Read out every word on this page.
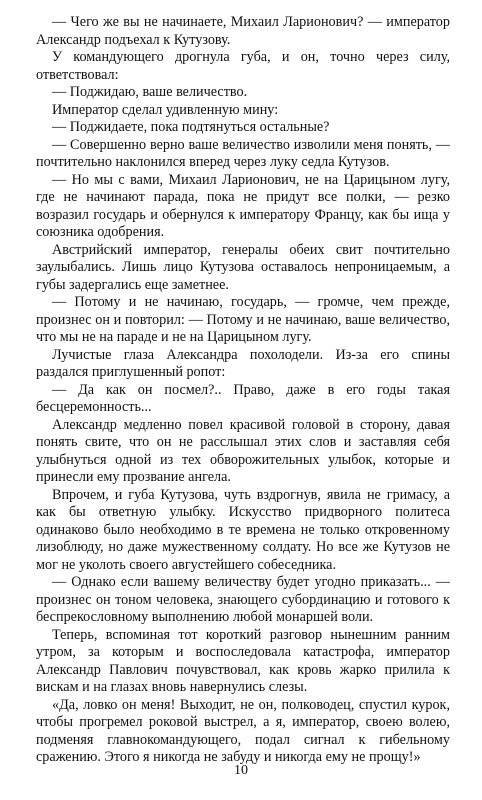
— Чего же вы не начинаете, Михаил Ларионович? — император Александр подъехал к Кутузову.

У командующего дрогнула губа, и он, точно через силу, ответствовал:

— Поджидаю, ваше величество.

Император сделал удивленную мину:

— Поджидаете, пока подтянуться остальные?

— Совершенно верно ваше величество изволили меня понять, — почтительно наклонился вперед через луку седла Кутузов.

— Но мы с вами, Михаил Ларионович, не на Царицыном лугу, где не начинают парада, пока не придут все полки, — резко возразил государь и обернулся к императору Францу, как бы ища у союзника одобрения.

Австрийский император, генералы обеих свит почтительно заулыбались. Лишь лицо Кутузова оставалось непроницаемым, а губы задергались еще заметнее.

— Потому и не начинаю, государь, — громче, чем прежде, произнес он и повторил: — Потому и не начинаю, ваше величество, что мы не на параде и не на Царицыном лугу.

Лучистые глаза Александра похолодели. Из-за его спины раздался приглушенный ропот:

— Да как он посмел?.. Право, даже в его годы такая бесцеремонность...

Александр медленно повел красивой головой в сторону, давая понять свите, что он не расслышал этих слов и заставляя себя улыбнуться одной из тех обворожительных улыбок, которые и принесли ему прозвание ангела.

Впрочем, и губа Кутузова, чуть вздрогнув, явила не гримасу, а как бы ответную улыбку. Искусство придворного политеса одинаково было необходимо в те времена не только откровенному лизоблюду, но даже мужественному солдату. Но все же Кутузов не мог не уколоть своего августейшего собеседника.

— Однако если вашему величеству будет угодно приказать... — произнес он тоном человека, знающего субординацию и готового к беспрекословному выполнению любой монаршей воли.

Теперь, вспоминая тот короткий разговор нынешним ранним утром, за которым и воспоследовала катастрофа, император Александр Павлович почувствовал, как кровь жарко прилила к вискам и на глазах вновь навернулись слезы.

«Да, ловко он меня! Выходит, не он, полководец, спустил курок, чтобы прогремел роковой выстрел, а я, император, своею волею, подменяя главнокомандующего, подал сигнал к гибельному сражению. Этого я никогда не забуду и никогда ему не прощу!»

10
